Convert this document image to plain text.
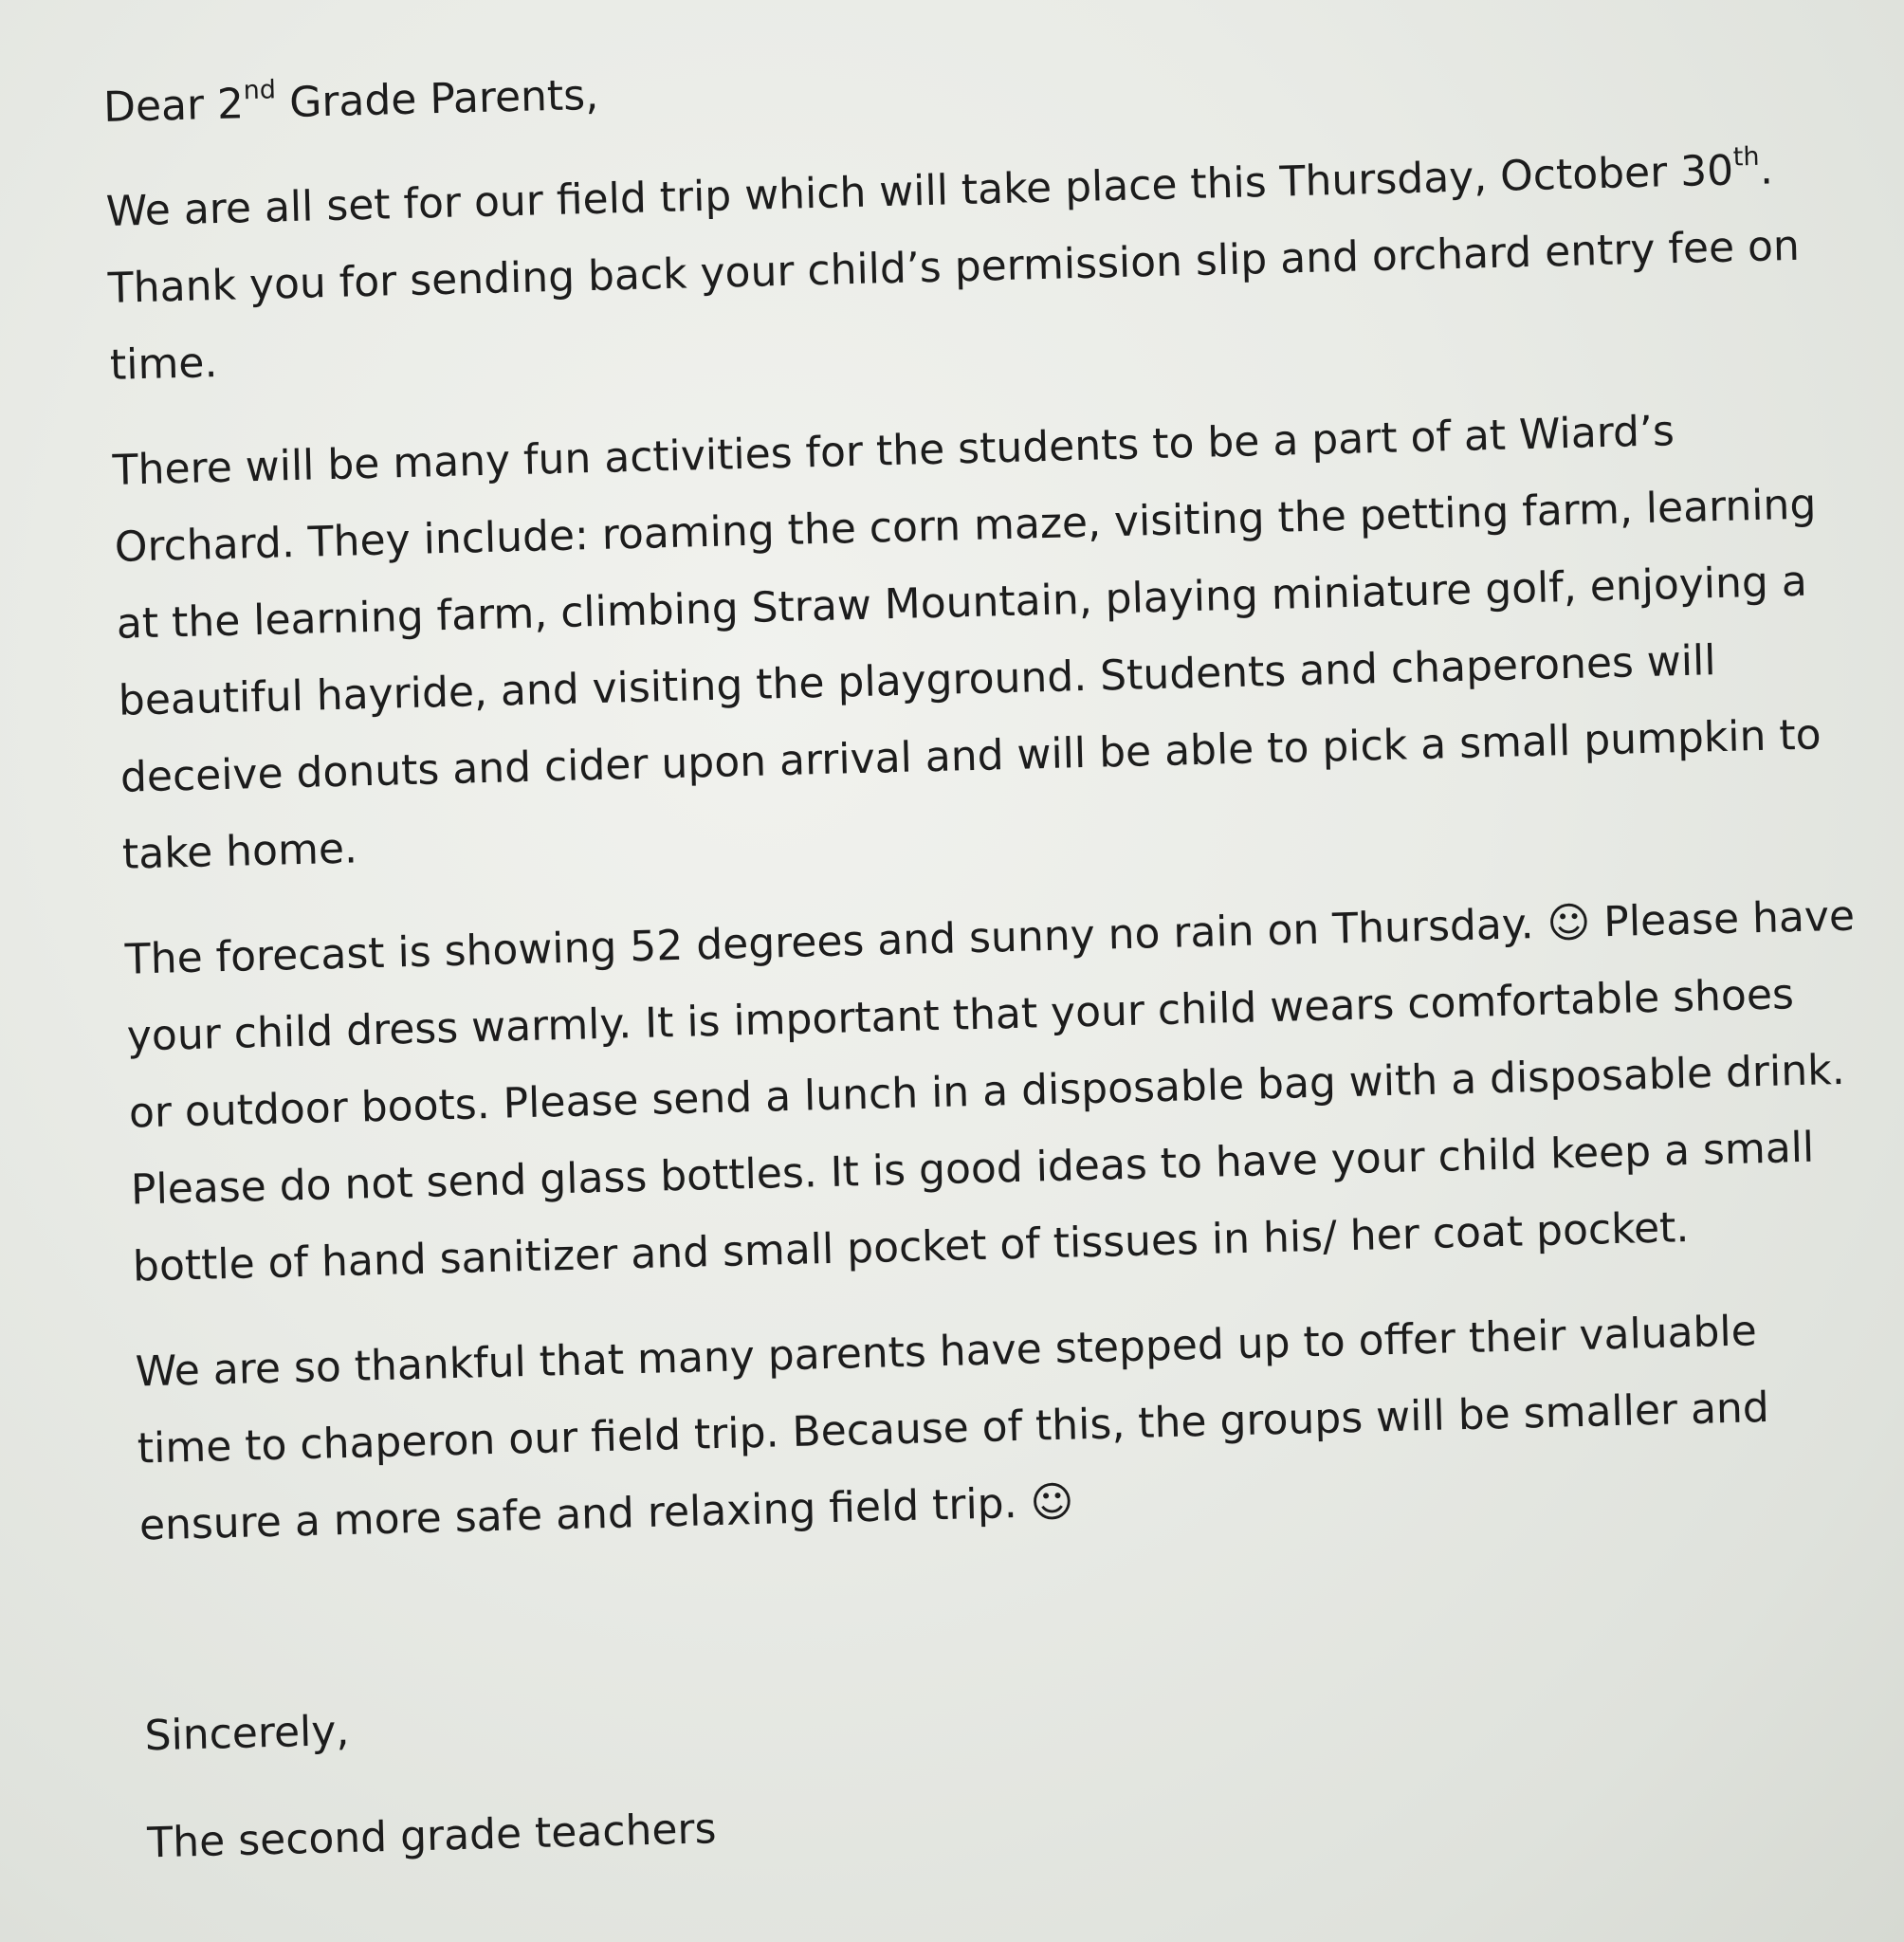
Dear 2nd Grade Parents,
We are all set for our field trip which will take place this Thursday, October 30th.
Thank you for sending back your child’s permission slip and orchard entry fee on
time.
There will be many fun activities for the students to be a part of at Wiard’s
Orchard. They include: roaming the corn maze, visiting the petting farm, learning
at the learning farm, climbing Straw Mountain, playing miniature golf, enjoying a
beautiful hayride, and visiting the playground. Students and chaperones will
deceive donuts and cider upon arrival and will be able to pick a small pumpkin to
take home.
The forecast is showing 52 degrees and sunny no rain on Thursday. ☺ Please have
your child dress warmly. It is important that your child wears comfortable shoes
or outdoor boots. Please send a lunch in a disposable bag with a disposable drink.
Please do not send glass bottles. It is good ideas to have your child keep a small
bottle of hand sanitizer and small pocket of tissues in his/ her coat pocket.
We are so thankful that many parents have stepped up to offer their valuable
time to chaperon our field trip. Because of this, the groups will be smaller and
ensure a more safe and relaxing field trip. ☺
Sincerely,
The second grade teachers
